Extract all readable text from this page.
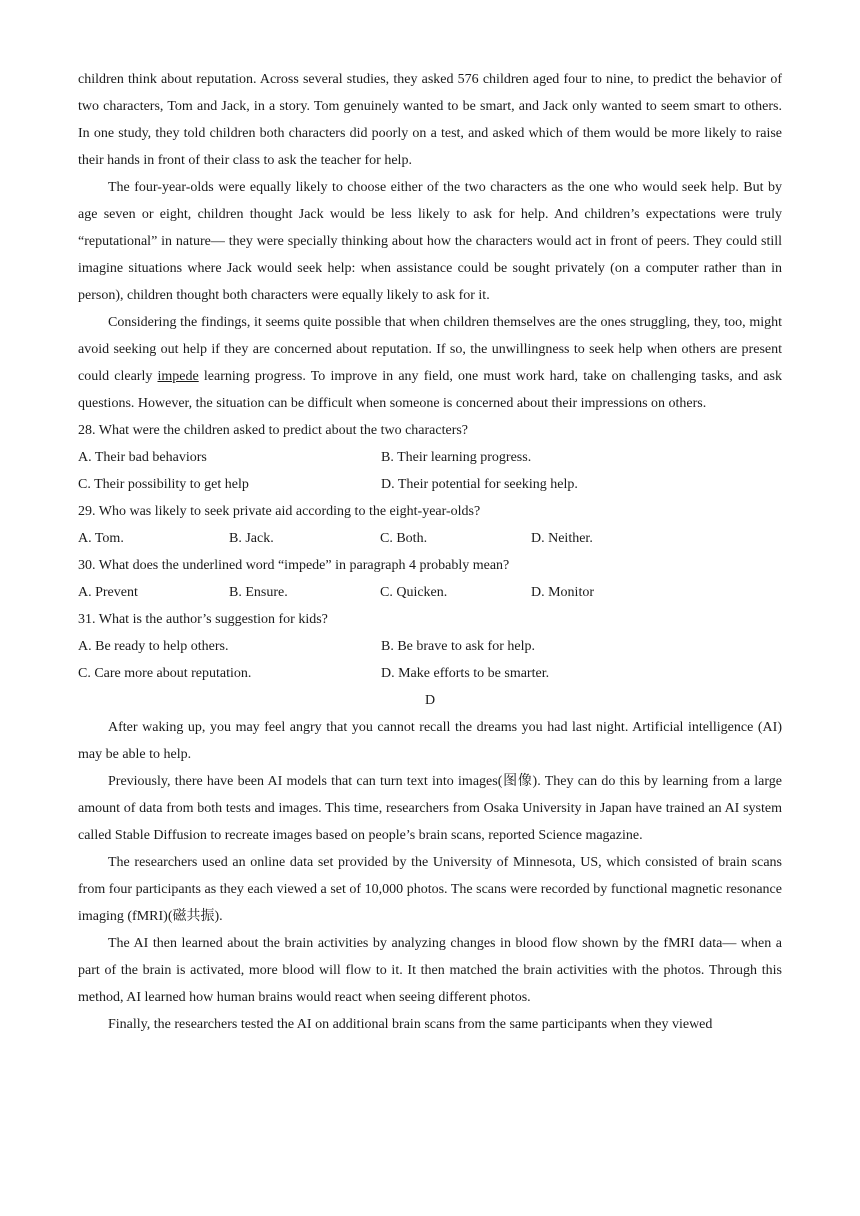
children think about reputation. Across several studies, they asked 576 children aged four to nine, to predict the behavior of two characters, Tom and Jack, in a story. Tom genuinely wanted to be smart, and Jack only wanted to seem smart to others. In one study, they told children both characters did poorly on a test, and asked which of them would be more likely to raise their hands in front of their class to ask the teacher for help.

The four-year-olds were equally likely to choose either of the two characters as the one who would seek help. But by age seven or eight, children thought Jack would be less likely to ask for help. And children’s expectations were truly “reputational” in nature— they were specially thinking about how the characters would act in front of peers. They could still imagine situations where Jack would seek help: when assistance could be sought privately (on a computer rather than in person), children thought both characters were equally likely to ask for it.

Considering the findings, it seems quite possible that when children themselves are the ones struggling, they, too, might avoid seeking out help if they are concerned about reputation. If so, the unwillingness to seek help when others are present could clearly impede learning progress. To improve in any field, one must work hard, take on challenging tasks, and ask questions. However, the situation can be difficult when someone is concerned about their impressions on others.

28. What were the children asked to predict about the two characters?

A. Their bad behaviors	B. Their learning progress.
C. Their possibility to get help	D. Their potential for seeking help.

29. Who was likely to seek private aid according to the eight-year-olds?

A. Tom.	B. Jack.	C. Both.	D. Neither.

30. What does the underlined word “impede” in paragraph 4 probably mean?

A. Prevent	B. Ensure.	C. Quicken.	D. Monitor

31. What is the author’s suggestion for kids?

A. Be ready to help others.	B. Be brave to ask for help.
C. Care more about reputation.	D. Make efforts to be smarter.

D

After waking up, you may feel angry that you cannot recall the dreams you had last night. Artificial intelligence (AI) may be able to help.

Previously, there have been AI models that can turn text into images(图像). They can do this by learning from a large amount of data from both tests and images. This time, researchers from Osaka University in Japan have trained an AI system called Stable Diffusion to recreate images based on people’s brain scans, reported Science magazine.

The researchers used an online data set provided by the University of Minnesota, US, which consisted of brain scans from four participants as they each viewed a set of 10,000 photos. The scans were recorded by functional magnetic resonance imaging (fMRI)(磁共振).

The AI then learned about the brain activities by analyzing changes in blood flow shown by the fMRI data— when a part of the brain is activated, more blood will flow to it. It then matched the brain activities with the photos. Through this method, AI learned how human brains would react when seeing different photos.

Finally, the researchers tested the AI on additional brain scans from the same participants when they viewed
